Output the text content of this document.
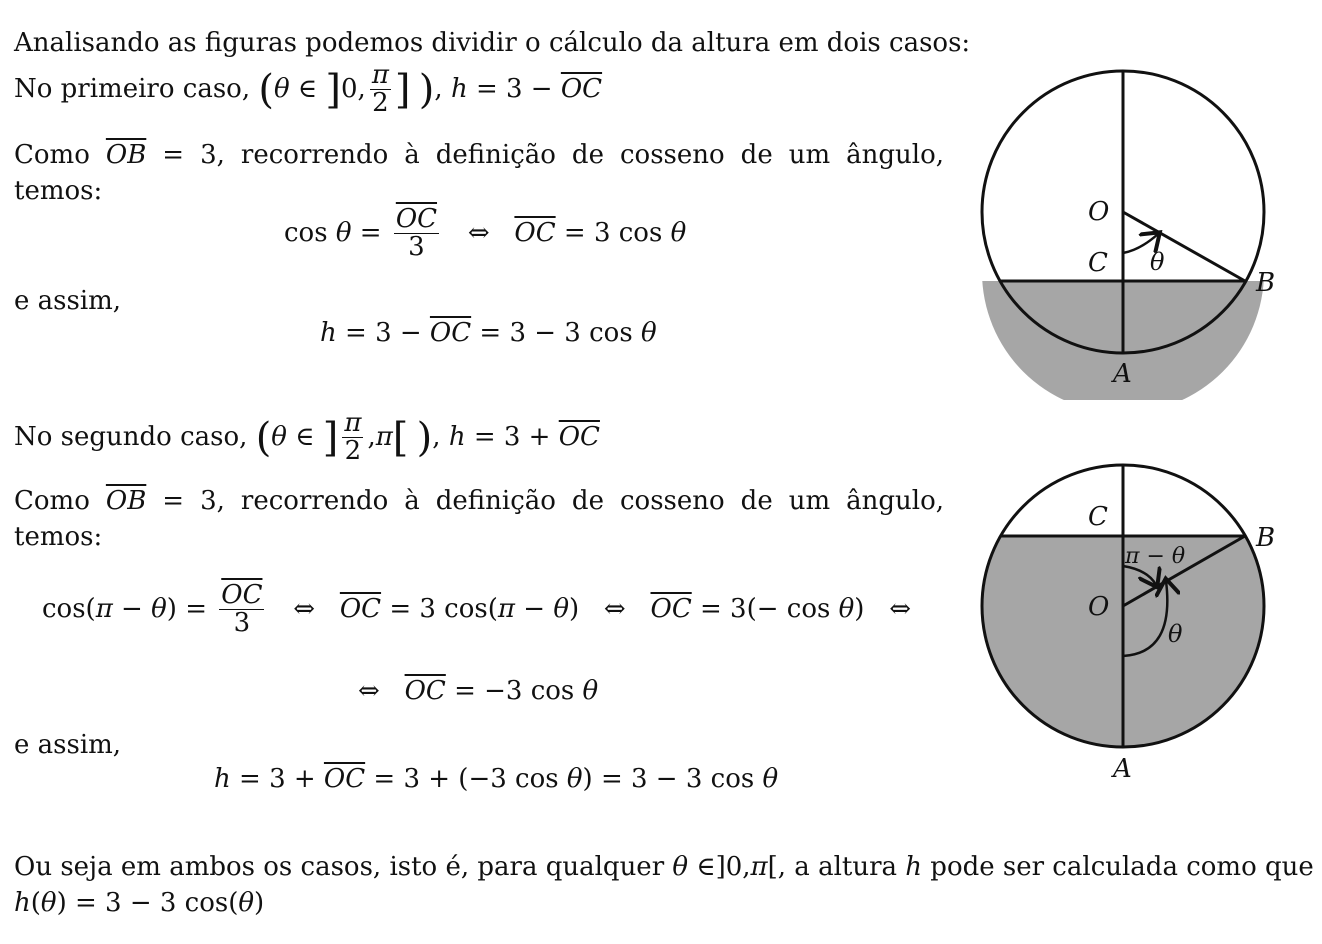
Analisando as figuras podemos dividir o cálculo da altura em dois casos:
No primeiro caso, (θ ∈ ]0, $\frac{\pi}{2}$ ] ), $h = 3 - \overline{OC}$
Como $\overline{OB} = 3$, recorrendo à definição de cosseno de um ângulo,
temos:
$\cos \theta = \frac{\overline{OC}}{3}$ ⇔   $\overline{OC} = 3$ cos θ
e assim,
$h = 3 - \overline{OC} = 3 - 3$ cos θ
No segundo caso, (θ ∈ ] $\frac{\pi}{2} ,\pi$[ ), $h = 3 + \overline{OC}$
Como $\overline{OB} = 3$, recorrendo à definição de cosseno de um ângulo,
temos:
$\cos(\pi - \theta) = \frac{\overline{OC}}{3}$ ⇔   $\overline{OC} = 3$ cos(π − θ)   ⇔   $\overline{OC} = 3(- \cos \theta)$   ⇔
⇔   $\overline{OC} = -3$ cos θ
e assim,
$h = 3 + \overline{OC} = 3 + (-3$ cos θ) = 3 − 3 cos θ
Ou seja em ambos os casos, isto é, para qualquer θ ∈]0,π[, a altura h pode ser calculada como que
h(θ) = 3 − 3 cos(θ)
O
C θ
B
A
C
B
π − θ
O
θ
A
